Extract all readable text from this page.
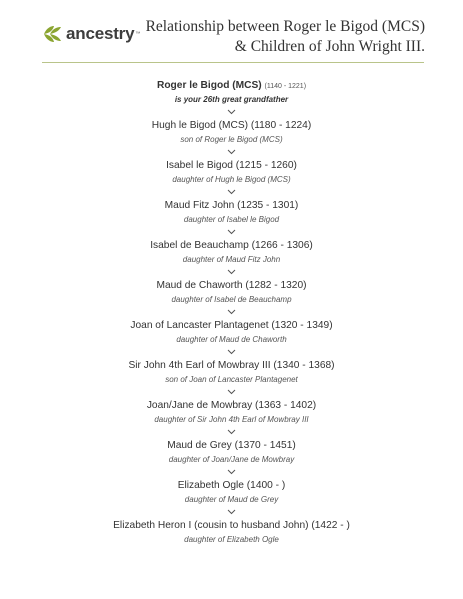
ancestry ™ Relationship between Roger le Bigod (MCS) & Children of John Wright III.
Roger le Bigod (MCS) (1140 - 1221)
is your 26th great grandfather
Hugh le Bigod (MCS) (1180 - 1224)
son of Roger le Bigod (MCS)
Isabel le Bigod (1215 - 1260)
daughter of Hugh le Bigod (MCS)
Maud Fitz John (1235 - 1301)
daughter of Isabel le Bigod
Isabel de Beauchamp (1266 - 1306)
daughter of Maud Fitz John
Maud de Chaworth (1282 - 1320)
daughter of Isabel de Beauchamp
Joan of Lancaster Plantagenet (1320 - 1349)
daughter of Maud de Chaworth
Sir John 4th Earl of Mowbray III (1340 - 1368)
son of Joan of Lancaster Plantagenet
Joan/Jane de Mowbray (1363 - 1402)
daughter of Sir John 4th Earl of Mowbray III
Maud de Grey (1370 - 1451)
daughter of Joan/Jane de Mowbray
Elizabeth Ogle (1400 - )
daughter of Maud de Grey
Elizabeth Heron I (cousin to husband John) (1422 - )
daughter of Elizabeth Ogle
